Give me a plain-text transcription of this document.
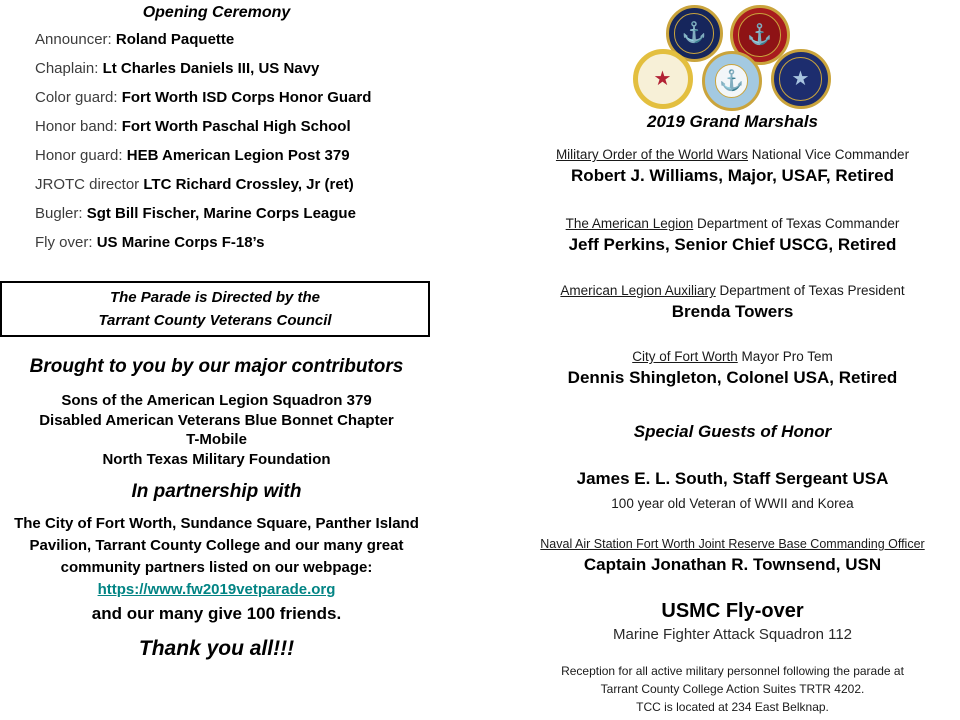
Opening Ceremony
Announcer: Roland Paquette
Chaplain: Lt Charles Daniels III, US Navy
Color guard: Fort Worth ISD Corps Honor Guard
Honor band: Fort Worth Paschal High School
Honor guard: HEB American Legion Post 379
JROTC director LTC Richard Crossley, Jr (ret)
Bugler: Sgt Bill Fischer, Marine Corps League
Fly over: US Marine Corps F-18’s
The Parade is Directed by the
Tarrant County Veterans Council
Brought to you by our major contributors
Sons of the American Legion Squadron 379
Disabled American Veterans Blue Bonnet Chapter
T-Mobile
North Texas Military Foundation
In partnership with
The City of Fort Worth, Sundance Square, Panther Island Pavilion, Tarrant County College and our many great community partners listed on our webpage: https://www.fw2019vetparade.org
and our many give 100 friends.
Thank you all!!!
⚓ ⚓
★ ⚓ ★
2019 Grand Marshals
Military Order of the World Wars National Vice Commander
Robert J. Williams, Major, USAF, Retired
The American Legion Department of Texas Commander
Jeff Perkins, Senior Chief USCG, Retired
American Legion Auxiliary Department of Texas President
Brenda Towers
City of Fort Worth Mayor Pro Tem
Dennis Shingleton, Colonel USA, Retired
Special Guests of Honor
James E. L. South, Staff Sergeant USA
100 year old Veteran of WWII and Korea
Naval Air Station Fort Worth Joint Reserve Base Commanding Officer
Captain Jonathan R. Townsend, USN
USMC Fly-over
Marine Fighter Attack Squadron 112
Reception for all active military personnel following the parade at
Tarrant County College Action Suites TRTR 4202.
TCC is located at 234 East Belknap.
